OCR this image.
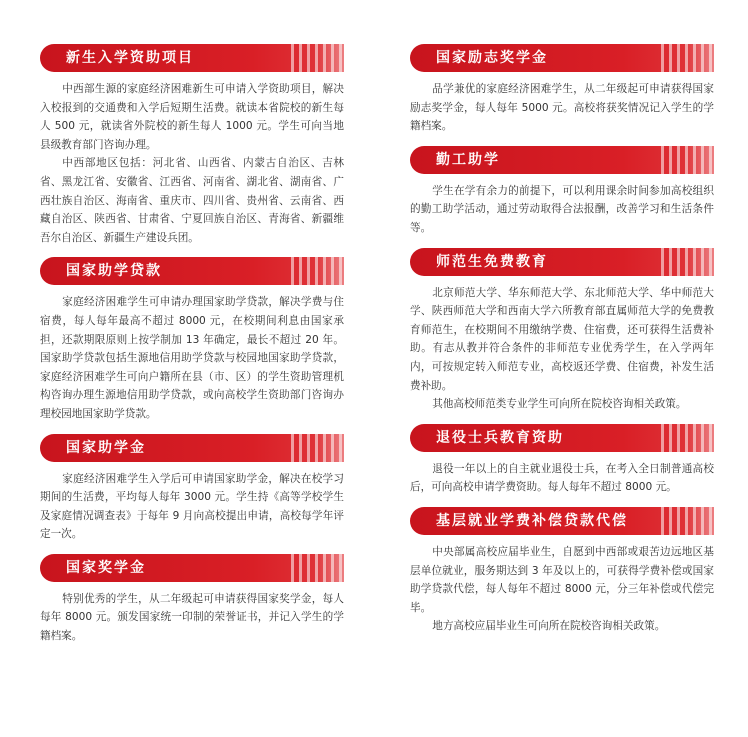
新生入学资助项目

中西部生源的家庭经济困难新生可申请入学资助项目，解决入校报到的交通费和入学后短期生活费。就读本省院校的新生每人 500 元，就读省外院校的新生每人 1000 元。学生可向当地县级教育部门咨询办理。

中西部地区包括：河北省、山西省、内蒙古自治区、吉林省、黑龙江省、安徽省、江西省、河南省、湖北省、湖南省、广西壮族自治区、海南省、重庆市、四川省、贵州省、云南省、西藏自治区、陕西省、甘肃省、宁夏回族自治区、青海省、新疆维吾尔自治区、新疆生产建设兵团。

国家助学贷款

家庭经济困难学生可申请办理国家助学贷款，解决学费与住宿费，每人每年最高不超过 8000 元，在校期间利息由国家承担，还款期限原则上按学制加 13 年确定，最长不超过 20 年。国家助学贷款包括生源地信用助学贷款与校园地国家助学贷款，家庭经济困难学生可向户籍所在县（市、区）的学生资助管理机构咨询办理生源地信用助学贷款，或向高校学生资助部门咨询办理校园地国家助学贷款。

国家助学金

家庭经济困难学生入学后可申请国家助学金，解决在校学习期间的生活费，平均每人每年 3000 元。学生持《高等学校学生及家庭情况调查表》于每年 9 月向高校提出申请，高校每学年评定一次。

国家奖学金

特别优秀的学生，从二年级起可申请获得国家奖学金，每人每年 8000 元。颁发国家统一印制的荣誉证书，并记入学生的学籍档案。

国家励志奖学金

品学兼优的家庭经济困难学生，从二年级起可申请获得国家励志奖学金，每人每年 5000 元。高校将获奖情况记入学生的学籍档案。

勤工助学

学生在学有余力的前提下，可以利用课余时间参加高校组织的勤工助学活动，通过劳动取得合法报酬，改善学习和生活条件等。

师范生免费教育

北京师范大学、华东师范大学、东北师范大学、华中师范大学、陕西师范大学和西南大学六所教育部直属师范大学的免费教育师范生，在校期间不用缴纳学费、住宿费，还可获得生活费补助。有志从教并符合条件的非师范专业优秀学生，在入学两年内，可按规定转入师范专业，高校返还学费、住宿费，补发生活费补助。

其他高校师范类专业学生可向所在院校咨询相关政策。

退役士兵教育资助

退役一年以上的自主就业退役士兵，在考入全日制普通高校后，可向高校申请学费资助。每人每年不超过 8000 元。

基层就业学费补偿贷款代偿

中央部属高校应届毕业生，自愿到中西部或艰苦边远地区基层单位就业，服务期达到 3 年及以上的，可获得学费补偿或国家助学贷款代偿，每人每年不超过 8000 元，分三年补偿或代偿完毕。

地方高校应届毕业生可向所在院校咨询相关政策。
